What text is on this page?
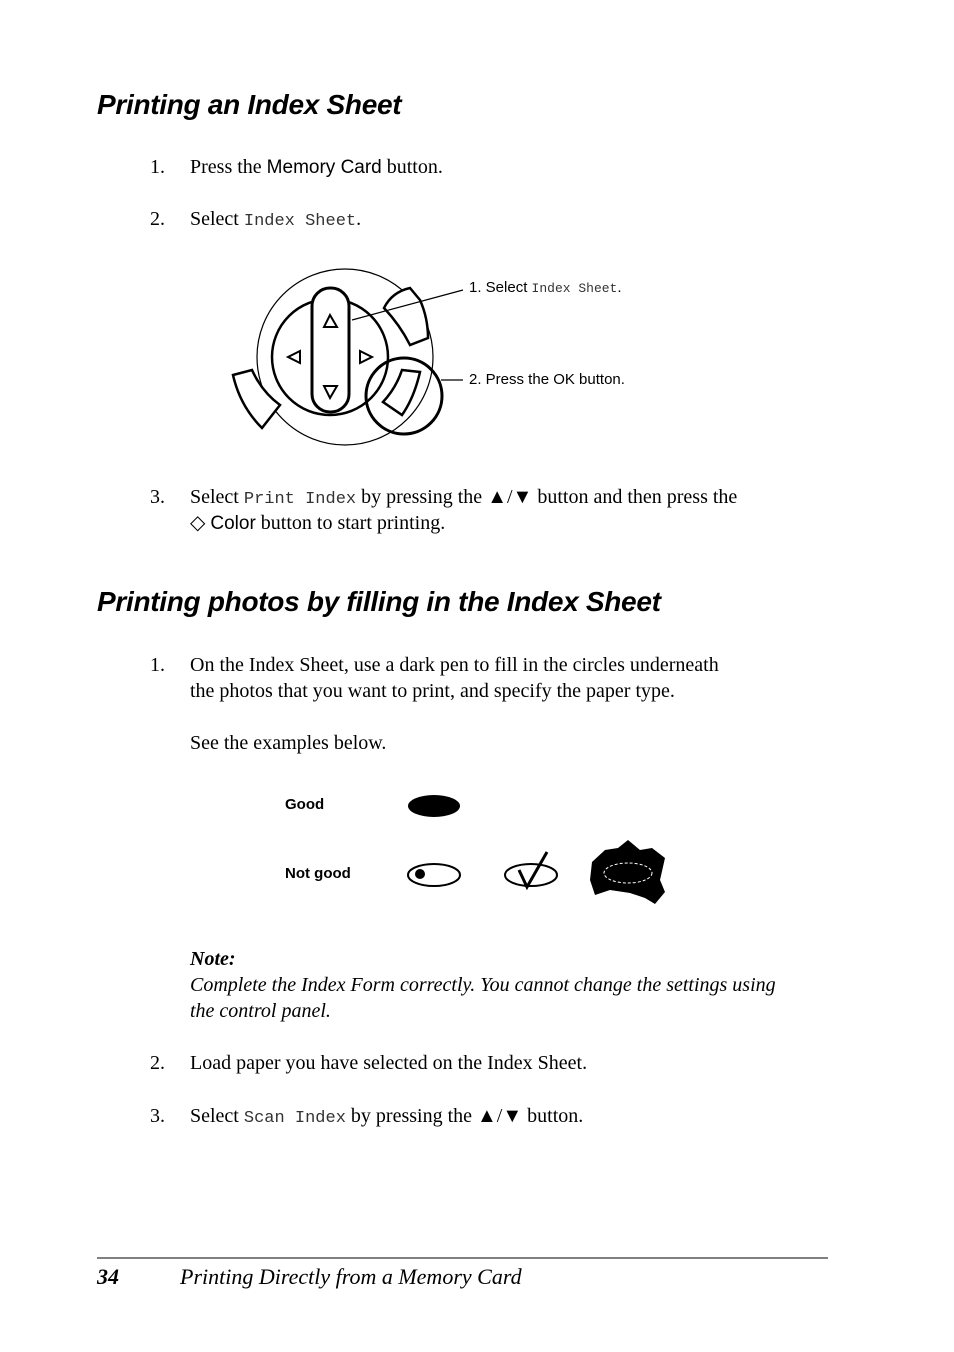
Printing an Index Sheet
1. Press the Memory Card button.
2. Select Index Sheet.
1. Select Index Sheet.
2. Press the OK button.
3. Select Print Index by pressing the ▲/▼ button and then press the
◇ Color button to start printing.
Printing photos by filling in the Index Sheet
1. On the Index Sheet, use a dark pen to fill in the circles underneath
the photos that you want to print, and specify the paper type.
See the examples below.
Good
Not good
Note:
Complete the Index Form correctly. You cannot change the settings using
the control panel.
2. Load paper you have selected on the Index Sheet.
3. Select Scan Index by pressing the ▲/▼ button.
34	Printing Directly from a Memory Card
